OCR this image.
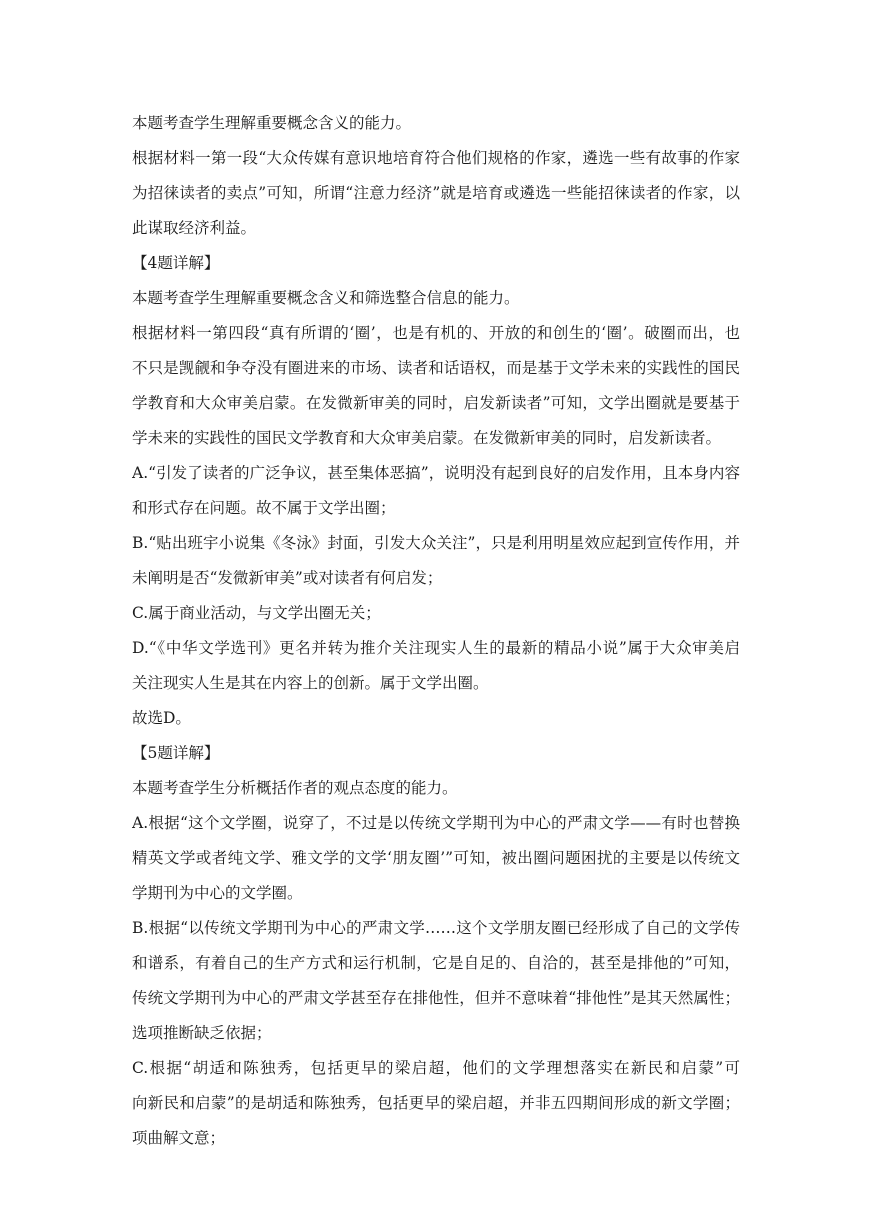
本题考查学生理解重要概念含义的能力。
根据材料一第一段“大众传媒有意识地培育符合他们规格的作家，遴选一些有故事的作家
为招徕读者的卖点”可知，所谓“注意力经济”就是培育或遴选一些能招徕读者的作家，以
此谋取经济利益。
【4题详解】
本题考查学生理解重要概念含义和筛选整合信息的能力。
根据材料一第四段“真有所谓的‘圈’，也是有机的、开放的和创生的‘圈’。破圈而出，也
不只是觊觎和争夺没有圈进来的市场、读者和话语权，而是基于文学未来的实践性的国民
学教育和大众审美启蒙。在发微新审美的同时，启发新读者”可知，文学出圈就是要基于
学未来的实践性的国民文学教育和大众审美启蒙。在发微新审美的同时，启发新读者。
A.“引发了读者的广泛争议，甚至集体恶搞”，说明没有起到良好的启发作用，且本身内容
和形式存在问题。故不属于文学出圈；
B.“贴出班宇小说集《冬泳》封面，引发大众关注”，只是利用明星效应起到宣传作用，并
未阐明是否“发微新审美”或对读者有何启发；
C.属于商业活动，与文学出圈无关；
D.“《中华文学选刊》更名并转为推介关注现实人生的最新的精品小说”属于大众审美启
关注现实人生是其在内容上的创新。属于文学出圈。
故选D。
【5题详解】
本题考查学生分析概括作者的观点态度的能力。
A.根据“这个文学圈，说穿了，不过是以传统文学期刊为中心的严肃文学——有时也替换
精英文学或者纯文学、雅文学的文学‘朋友圈’”可知，被出圈问题困扰的主要是以传统文
学期刊为中心的文学圈。
B.根据“以传统文学期刊为中心的严肃文学……这个文学朋友圈已经形成了自己的文学传
和谱系，有着自己的生产方式和运行机制，它是自足的、自洽的，甚至是排他的”可知，
传统文学期刊为中心的严肃文学甚至存在排他性，但并不意味着“排他性”是其天然属性；
选项推断缺乏依据；
C.根据“胡适和陈独秀，包括更早的梁启超，他们的文学理想落实在新民和启蒙”可
向新民和启蒙”的是胡适和陈独秀，包括更早的梁启超，并非五四期间形成的新文学圈；
项曲解文意；
